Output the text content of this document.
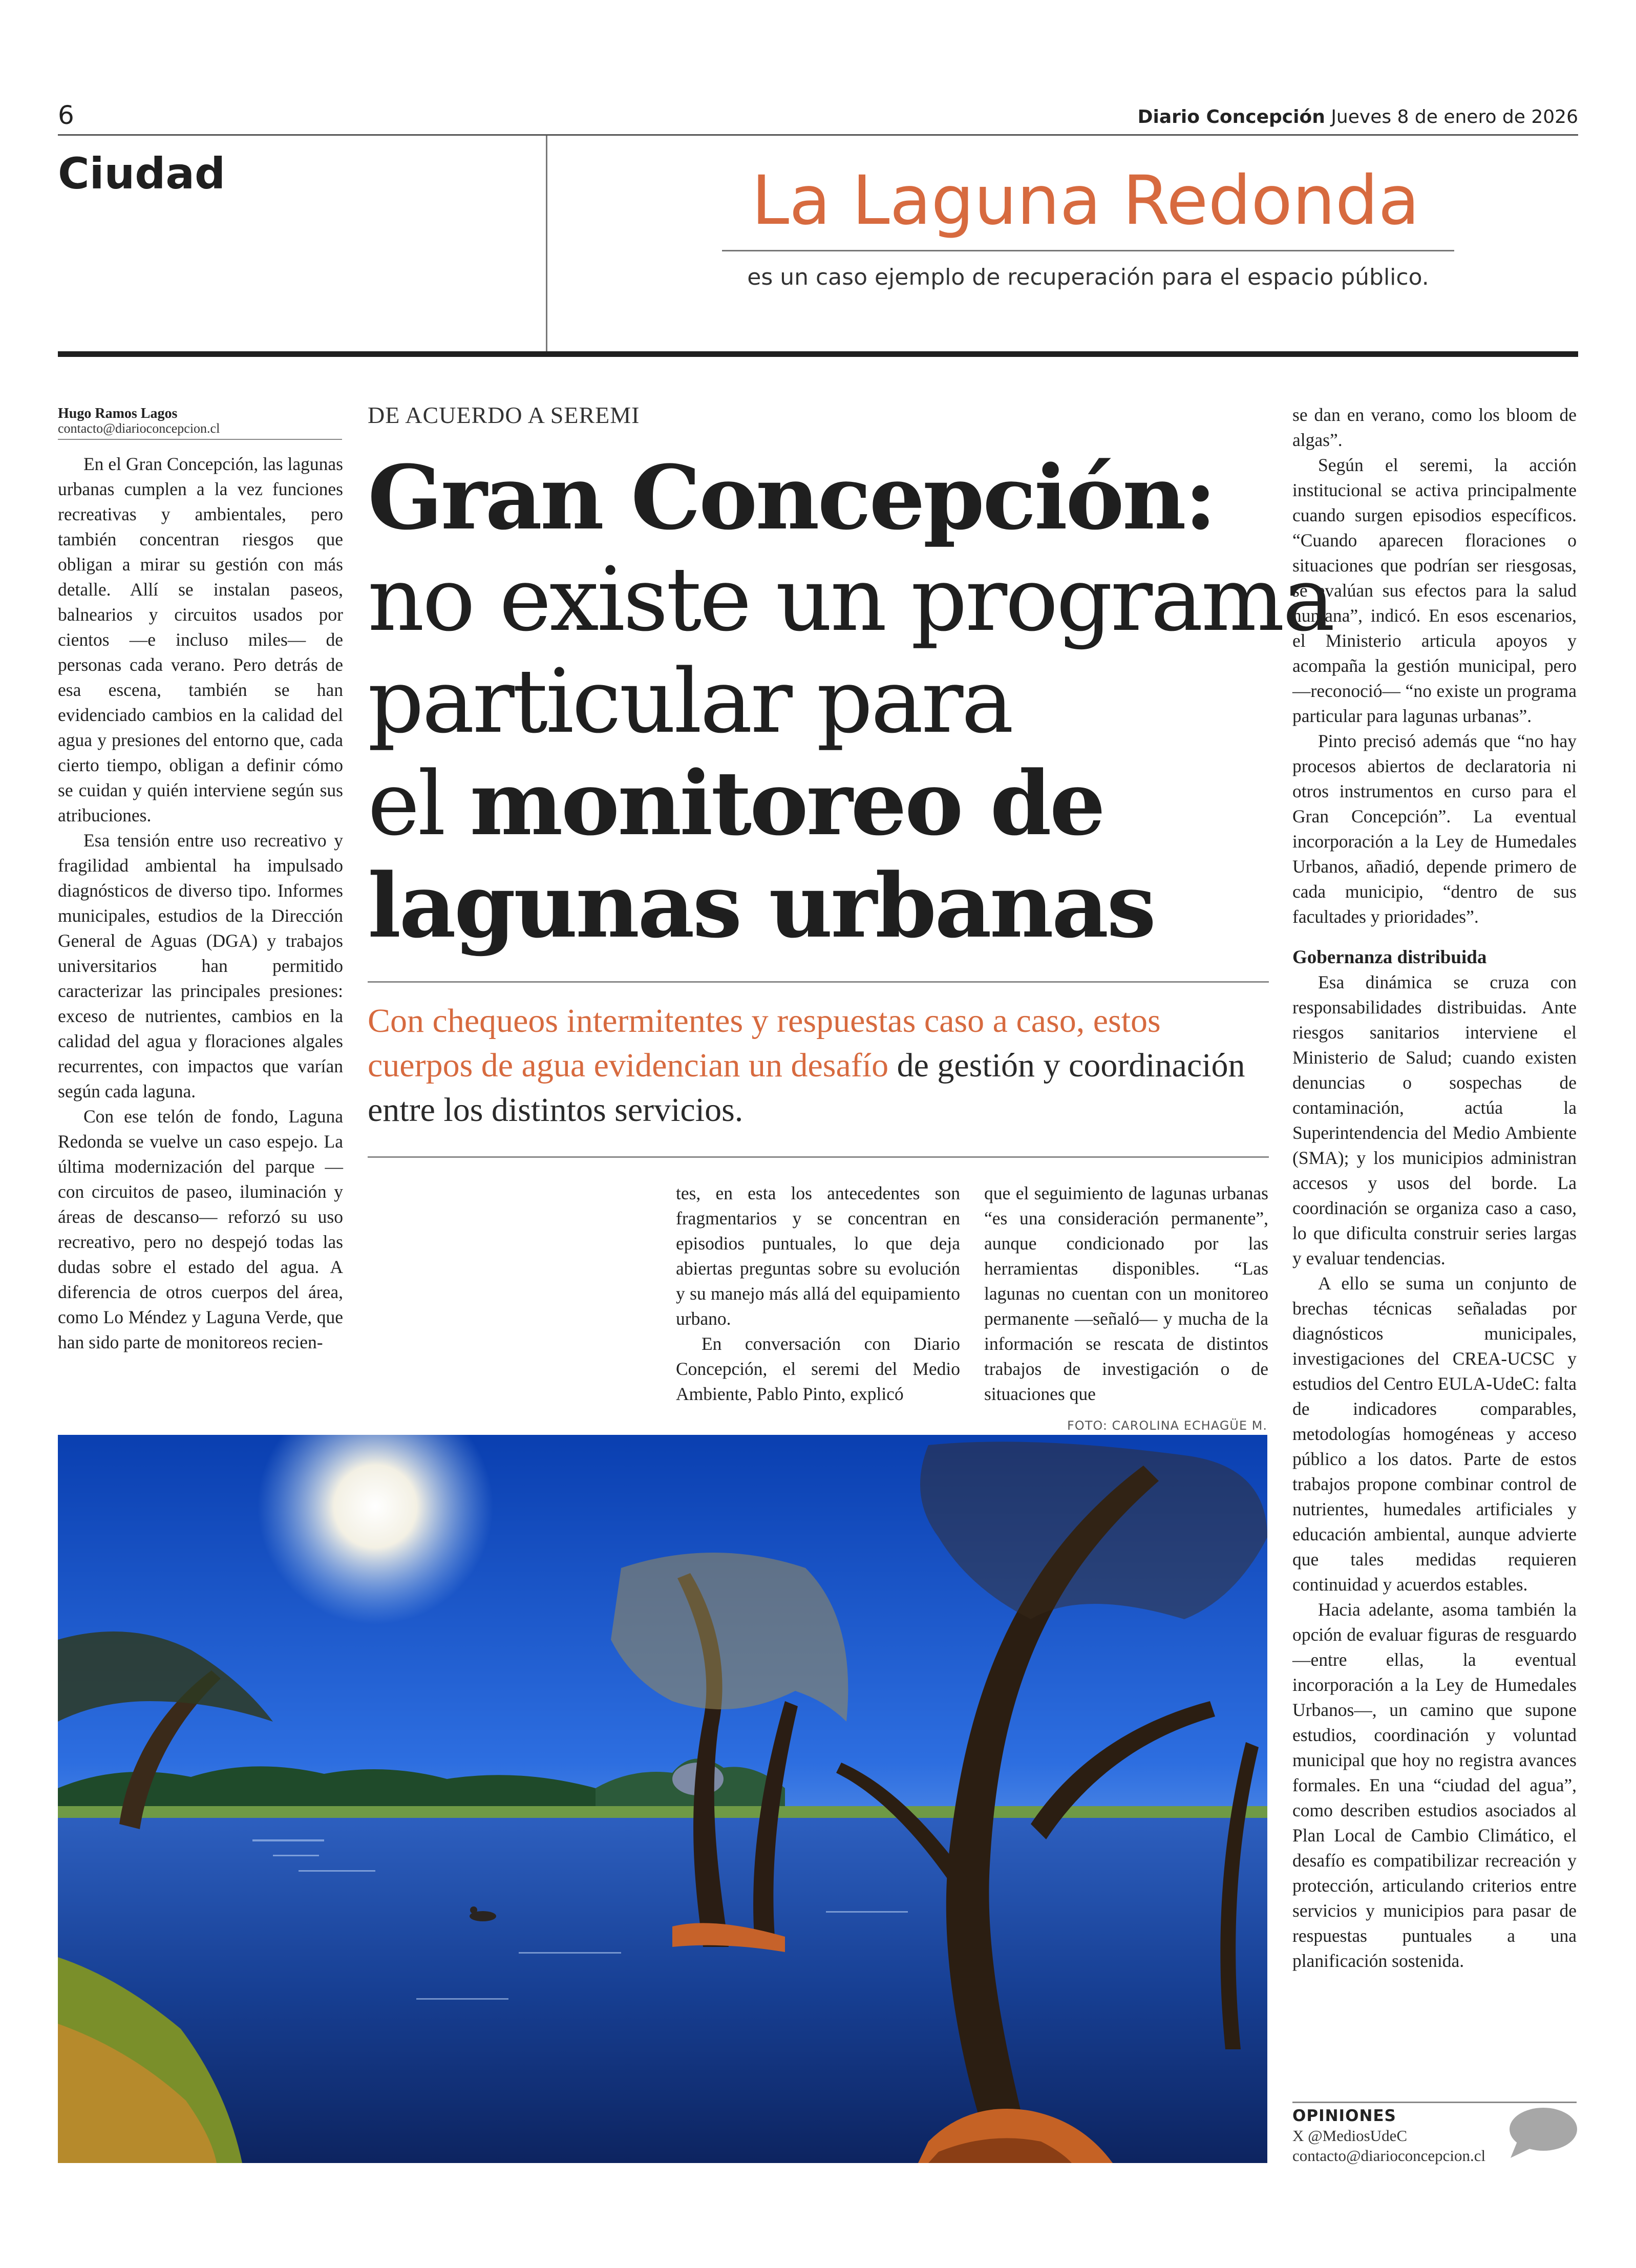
6	Diario Concepción Jueves 8 de enero de 2026
Ciudad	La Laguna Redonda
es un caso ejemplo de recuperación para el espacio público.
Hugo Ramos Lagos
contacto@diarioconcepcion.cl

En el Gran Concepción, las lagunas urbanas cumplen a la vez funciones recreativas y ambientales, pero también concentran riesgos que obligan a mirar su gestión con más detalle. Allí se instalan paseos, balnearios y circuitos usados por cientos —e incluso miles— de personas cada verano. Pero detrás de esa escena, también se han evidenciado cambios en la calidad del agua y presiones del entorno que, cada cierto tiempo, obligan a definir cómo se cuidan y quién interviene según sus atribuciones.

Esa tensión entre uso recreativo y fragilidad ambiental ha impulsado diagnósticos de diverso tipo. Informes municipales, estudios de la Dirección General de Aguas (DGA) y trabajos universitarios han permitido caracterizar las principales presiones: exceso de nutrientes, cambios en la calidad del agua y floraciones algales recurrentes, con impactos que varían según cada laguna.

Con ese telón de fondo, Laguna Redonda se vuelve un caso espejo. La última modernización del parque —con circuitos de paseo, iluminación y áreas de descanso— reforzó su uso recreativo, pero no despejó todas las dudas sobre el estado del agua. A diferencia de otros cuerpos del área, como Lo Méndez y Laguna Verde, que han sido parte de monitoreos recien-

DE ACUERDO A SEREMI
Gran Concepción:
no existe un programa
particular para
el monitoreo de
lagunas urbanas
Con chequeos intermitentes y respuestas caso a caso, estos cuerpos de agua evidencian un desafío de gestión y coordinación entre los distintos servicios.

tes, en esta los antecedentes son fragmentarios y se concentran en episodios puntuales, lo que deja abiertas preguntas sobre su evolución y su manejo más allá del equipamiento urbano.

En conversación con Diario Concepción, el seremi del Medio Ambiente, Pablo Pinto, explicó

que el seguimiento de lagunas urbanas “es una consideración permanente”, aunque condicionado por las herramientas disponibles. “Las lagunas no cuentan con un monitoreo permanente —señaló— y mucha de la información se rescata de distintos trabajos de investigación o de situaciones que

FOTO: CAROLINA ECHAGÜE M.

se dan en verano, como los bloom de algas”.

Según el seremi, la acción institucional se activa principalmente cuando surgen episodios específicos. “Cuando aparecen floraciones o situaciones que podrían ser riesgosas, se evalúan sus efectos para la salud humana”, indicó. En esos escenarios, el Ministerio articula apoyos y acompaña la gestión municipal, pero —reconoció— “no existe un programa particular para lagunas urbanas”.

Pinto precisó además que “no hay procesos abiertos de declaratoria ni otros instrumentos en curso para el Gran Concepción”. La eventual incorporación a la Ley de Humedales Urbanos, añadió, depende primero de cada municipio, “dentro de sus facultades y prioridades”.

Gobernanza distribuida

Esa dinámica se cruza con responsabilidades distribuidas. Ante riesgos sanitarios interviene el Ministerio de Salud; cuando existen denuncias o sospechas de contaminación, actúa la Superintendencia del Medio Ambiente (SMA); y los municipios administran accesos y usos del borde. La coordinación se organiza caso a caso, lo que dificulta construir series largas y evaluar tendencias.

A ello se suma un conjunto de brechas técnicas señaladas por diagnósticos municipales, investigaciones del CREA-UCSC y estudios del Centro EULA-UdeC: falta de indicadores comparables, metodologías homogéneas y acceso público a los datos. Parte de estos trabajos propone combinar control de nutrientes, humedales artificiales y educación ambiental, aunque advierte que tales medidas requieren continuidad y acuerdos estables.

Hacia adelante, asoma también la opción de evaluar figuras de resguardo —entre ellas, la eventual incorporación a la Ley de Humedales Urbanos—, un camino que supone estudios, coordinación y voluntad municipal que hoy no registra avances formales. En una “ciudad del agua”, como describen estudios asociados al Plan Local de Cambio Climático, el desafío es compatibilizar recreación y protección, articulando criterios entre servicios y municipios para pasar de respuestas puntuales a una planificación sostenida.

OPINIONES
X @MediosUdeC
contacto@diarioconcepcion.cl
